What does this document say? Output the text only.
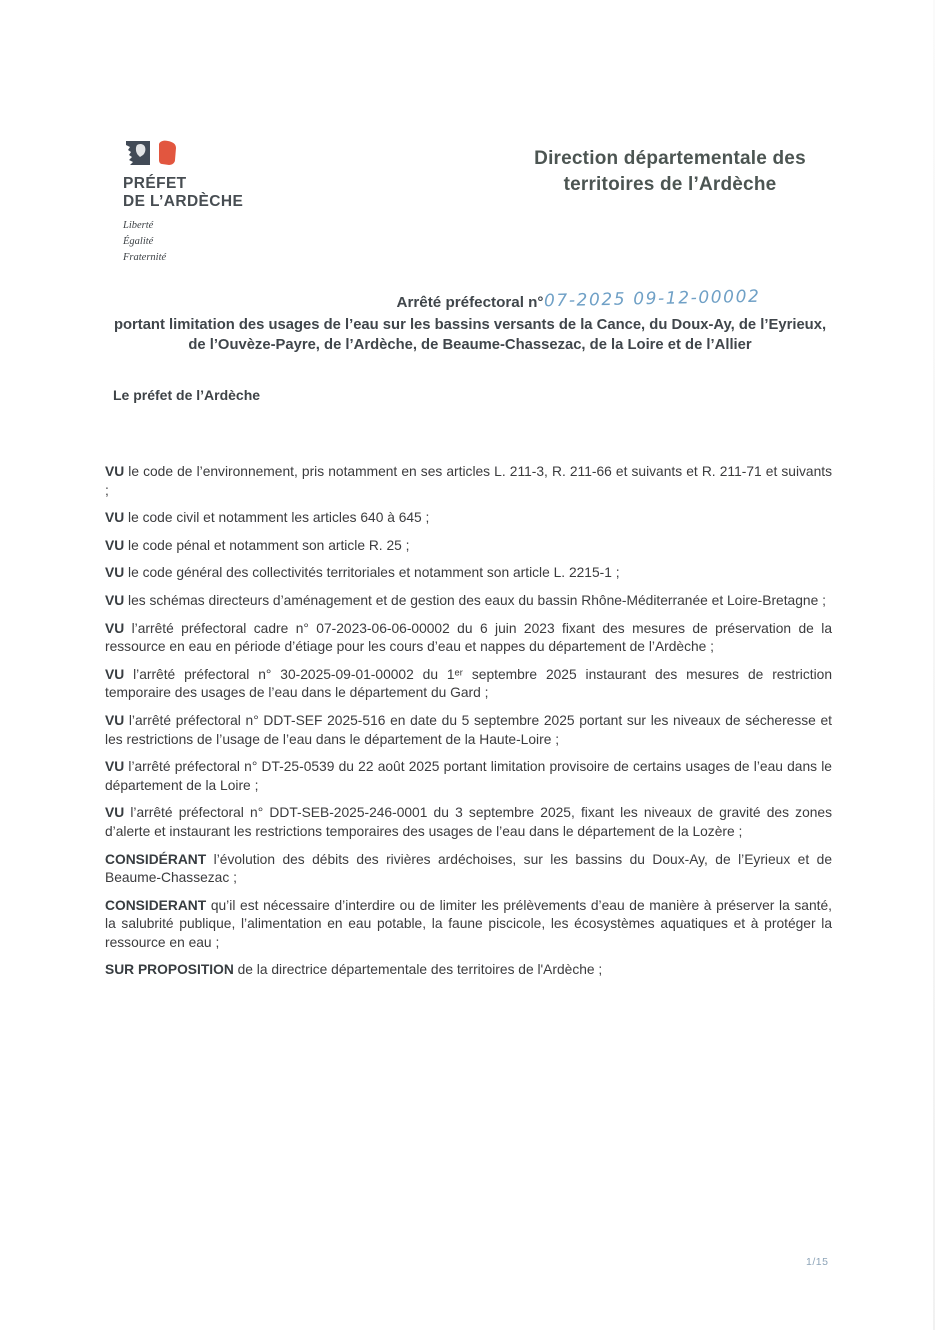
PRÉFET
DE L’ARDÈCHE
Liberté
Égalité
Fraternité
Direction départementale des
territoires de l’Ardèche
Arrêté préfectoral n° 07-2025 09-12-00002
portant limitation des usages de l’eau sur les bassins versants de la Cance, du Doux-Ay, de l’Eyrieux, de l’Ouvèze-Payre, de l’Ardèche, de Beaume-Chassezac, de la Loire et de l’Allier
Le préfet de l’Ardèche

VU le code de l’environnement, pris notamment en ses articles L. 211-3, R. 211-66 et suivants et R. 211-71 et suivants ;

VU le code civil et notamment les articles 640 à 645 ;

VU le code pénal et notamment son article R. 25 ;

VU le code général des collectivités territoriales et notamment son article L. 2215-1 ;

VU les schémas directeurs d’aménagement et de gestion des eaux du bassin Rhône-Méditerranée et Loire-Bretagne ;

VU l’arrêté préfectoral cadre n° 07-2023-06-06-00002 du 6 juin 2023 fixant des mesures de préservation de la ressource en eau en période d’étiage pour les cours d’eau et nappes du département de l’Ardèche ;

VU l’arrêté préfectoral n° 30-2025-09-01-00002 du 1ᵉʳ septembre 2025 instaurant des mesures de restriction temporaire des usages de l’eau dans le département du Gard ;

VU l’arrêté préfectoral n° DDT-SEF 2025-516 en date du 5 septembre 2025 portant sur les niveaux de sécheresse et les restrictions de l’usage de l’eau dans le département de la Haute-Loire ;

VU l’arrêté préfectoral n° DT-25-0539 du 22 août 2025 portant limitation provisoire de certains usages de l’eau dans le département de la Loire ;

VU l’arrêté préfectoral n° DDT-SEB-2025-246-0001 du 3 septembre 2025, fixant les niveaux de gravité des zones d’alerte et instaurant les restrictions temporaires des usages de l’eau dans le département de la Lozère ;

CONSIDÉRANT l’évolution des débits des rivières ardéchoises, sur les bassins du Doux-Ay, de l’Eyrieux et de Beaume-Chassezac ;

CONSIDERANT qu’il est nécessaire d’interdire ou de limiter les prélèvements d’eau de manière à préserver la santé, la salubrité publique, l’alimentation en eau potable, la faune piscicole, les écosystèmes aquatiques et à protéger la ressource en eau ;

SUR PROPOSITION de la directrice départementale des territoires de l'Ardèche ;

1/15
